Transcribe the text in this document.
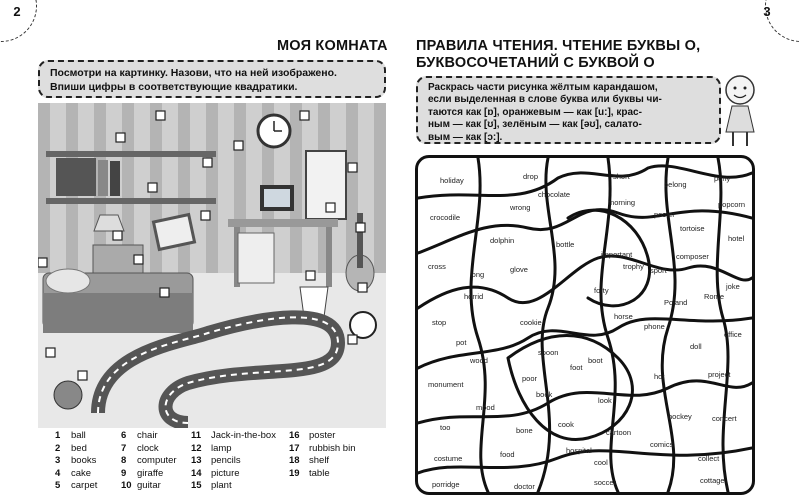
2
МОЯ КОМНАТА
Посмотри на картинку. Назови, что на ней изображено.
Впиши цифры в соответствующие квадратики.
1 ball
2 bed
3 books
4 cake
5 carpet
6 chair
7 clock
8 computer
9 giraffe
10 guitar
11 Jack-in-the-box
12 lamp
13 pencils
14 picture
15 plant
16 poster
17 rubbish bin
18 shelf
19 table
3
ПРАВИЛА ЧТЕНИЯ. ЧТЕНИЕ БУКВЫ О,
БУКВОСОЧЕТАНИЙ С БУКВОЙ О
Раскрась части рисунка жёлтым карандашом,
если выделенная в слове буква или буквы чи-
таются как [ɒ], оранжевым — как [u:], крас-
ным — как [ʊ], зелёным — как [əʊ], салато-
вым — как [ɔ:].
holiday	drop	short
belong
pony
popcorn
crocodile
wrong
chocolate
morning
poster
tortoise
hotel
dolphin	bottle
important	composer
cross
long
glove	trophy sport
joke
horrid
forty
Poland
Rome
stop	cookie
horse
phone
office
pot
spoon
foot
doll
wood
poor
boot
book
hot	project
monument
mood
look
cook
hockey	concert
too	bone	cartoon
comics
hospital
costume	food
cool	collect
porridge	doctor	soccer	cottage
